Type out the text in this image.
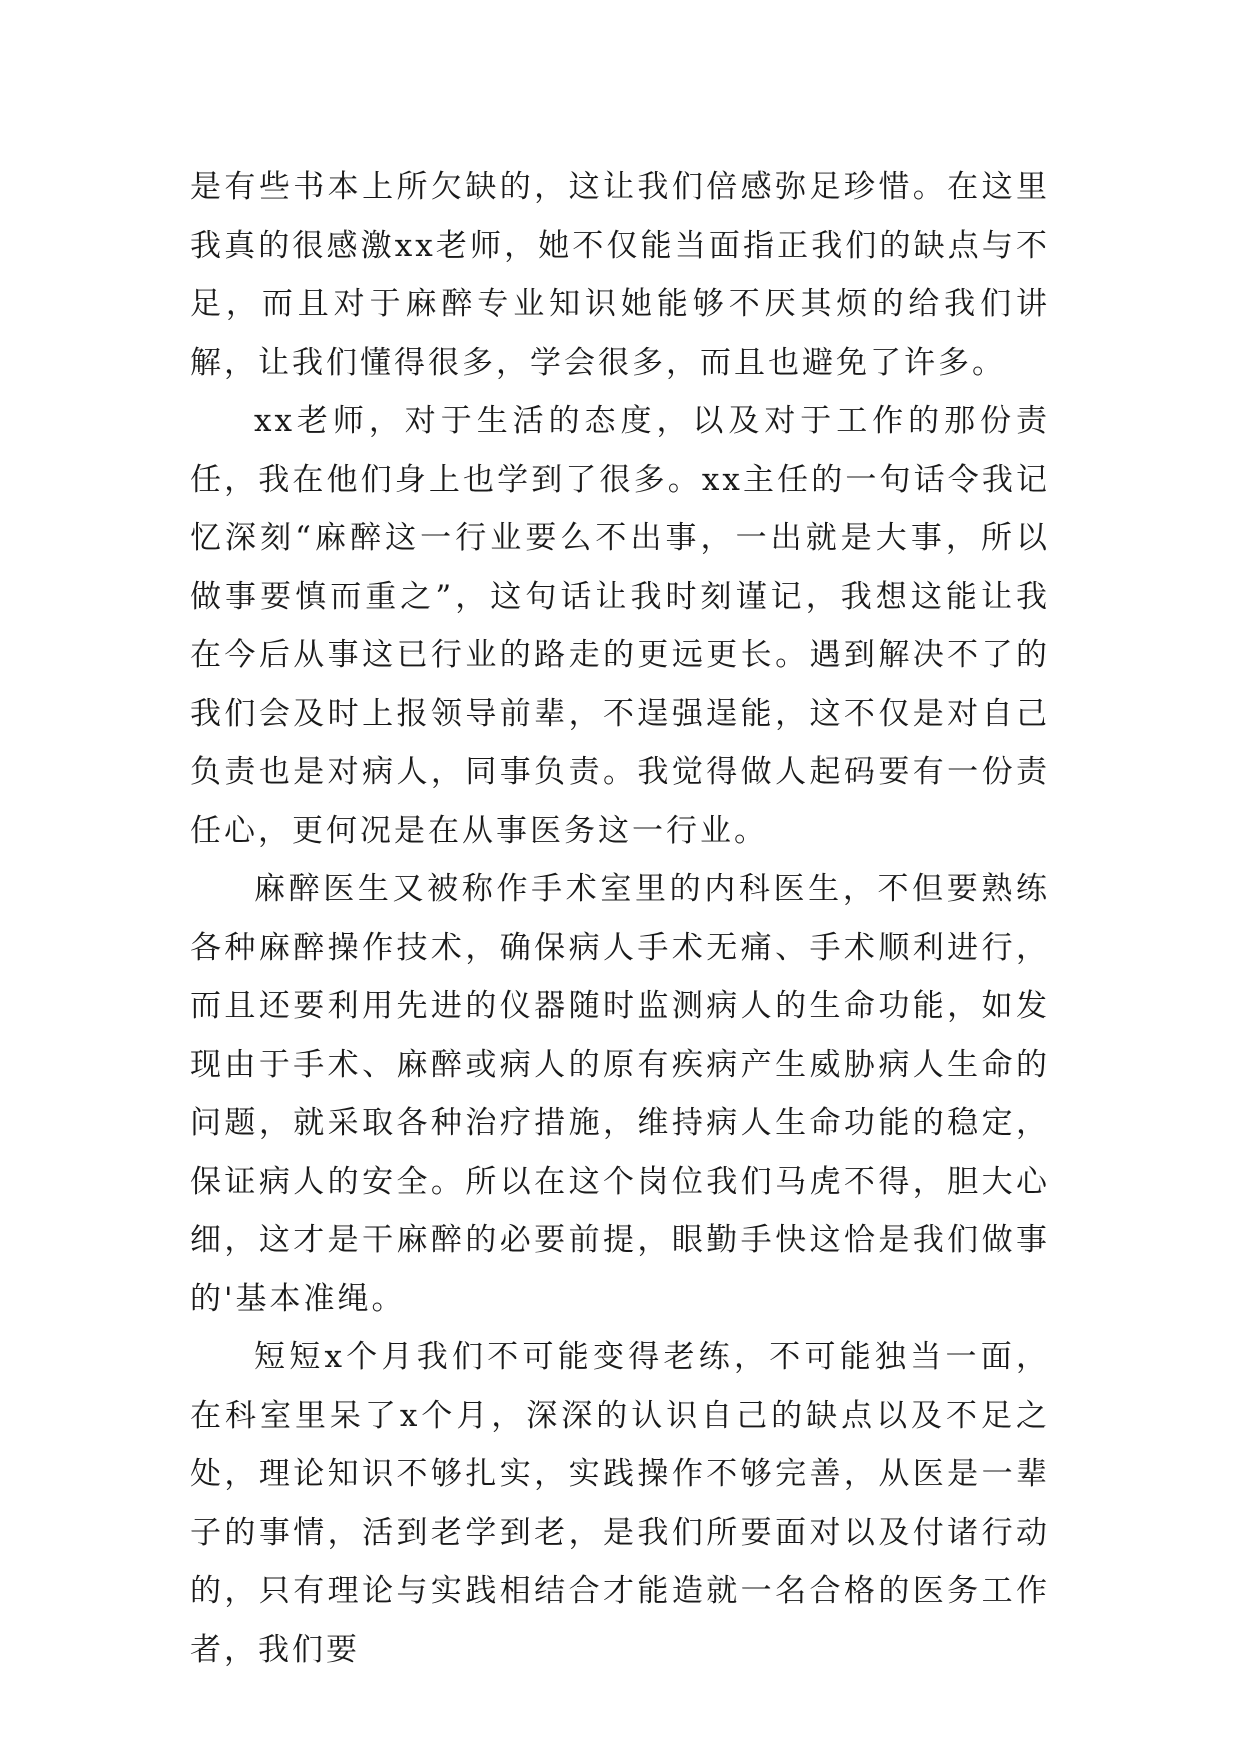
是有些书本上所欠缺的，这让我们倍感弥足珍惜。在这里我真的很感激xx老师，她不仅能当面指正我们的缺点与不足，而且对于麻醉专业知识她能够不厌其烦的给我们讲解，让我们懂得很多，学会很多，而且也避免了许多。

xx老师，对于生活的态度，以及对于工作的那份责任，我在他们身上也学到了很多。xx主任的一句话令我记忆深刻“麻醉这一行业要么不出事，一出就是大事，所以做事要慎而重之”，这句话让我时刻谨记，我想这能让我在今后从事这已行业的路走的更远更长。遇到解决不了的我们会及时上报领导前辈，不逞强逞能，这不仅是对自己负责也是对病人，同事负责。我觉得做人起码要有一份责任心，更何况是在从事医务这一行业。

麻醉医生又被称作手术室里的内科医生，不但要熟练各种麻醉操作技术，确保病人手术无痛、手术顺利进行，而且还要利用先进的仪器随时监测病人的生命功能，如发现由于手术、麻醉或病人的原有疾病产生威胁病人生命的问题，就采取各种治疗措施，维持病人生命功能的稳定，保证病人的安全。所以在这个岗位我们马虎不得，胆大心细，这才是干麻醉的必要前提，眼勤手快这恰是我们做事的'基本准绳。

短短x个月我们不可能变得老练，不可能独当一面，在科室里呆了x个月，深深的认识自己的缺点以及不足之处，理论知识不够扎实，实践操作不够完善，从医是一辈子的事情，活到老学到老，是我们所要面对以及付诸行动的，只有理论与实践相结合才能造就一名合格的医务工作者，我们要
